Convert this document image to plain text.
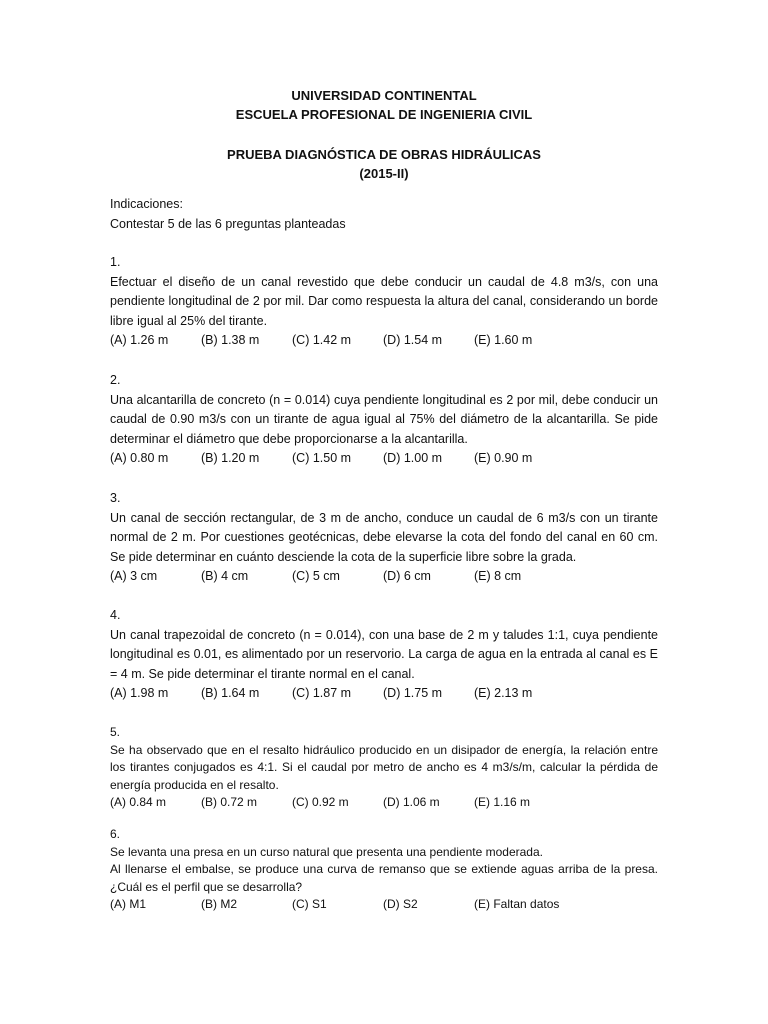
UNIVERSIDAD CONTINENTAL
ESCUELA PROFESIONAL DE INGENIERIA CIVIL
PRUEBA DIAGNÓSTICA DE OBRAS HIDRÁULICAS
(2015-II)
Indicaciones:
Contestar 5 de las 6 preguntas planteadas
1.
Efectuar el diseño de un canal revestido que debe conducir un caudal de 4.8 m3/s, con una pendiente longitudinal de 2 por mil. Dar como respuesta la altura del canal, considerando un borde libre igual al 25% del tirante.
(A) 1.26 m	(B) 1.38 m	(C) 1.42 m	(D) 1.54 m	(E) 1.60 m
2.
Una alcantarilla de concreto (n = 0.014) cuya pendiente longitudinal es 2 por mil, debe conducir un caudal de 0.90 m3/s con un tirante de agua igual al 75% del diámetro de la alcantarilla. Se pide determinar el diámetro que debe proporcionarse a la alcantarilla.
(A) 0.80 m	(B) 1.20 m	(C) 1.50 m	(D) 1.00 m	(E) 0.90 m
3.
Un canal de sección rectangular, de 3 m de ancho, conduce un caudal de 6 m3/s con un tirante normal de 2 m. Por cuestiones geotécnicas, debe elevarse la cota del fondo del canal en 60 cm. Se pide determinar en cuánto desciende la cota de la superficie libre sobre la grada.
(A) 3 cm	(B) 4 cm	(C) 5 cm	(D) 6 cm	(E) 8 cm
4.
Un canal trapezoidal de concreto (n = 0.014), con una base de 2 m y taludes 1:1, cuya pendiente longitudinal es 0.01, es alimentado por un reservorio. La carga de agua en la entrada al canal es E = 4 m. Se pide determinar el tirante normal en el canal.
(A) 1.98 m	(B) 1.64 m	(C) 1.87 m	(D) 1.75 m	(E) 2.13 m
5.
Se ha observado que en el resalto hidráulico producido en un disipador de energía, la relación entre los tirantes conjugados es 4:1. Si el caudal por metro de ancho es 4 m3/s/m, calcular la pérdida de energía producida en el resalto.
(A) 0.84 m	(B) 0.72 m	(C) 0.92 m	(D) 1.06 m	(E) 1.16 m
6.
Se levanta una presa en un curso natural que presenta una pendiente moderada.
Al llenarse el embalse, se produce una curva de remanso que se extiende aguas arriba de la presa. ¿Cuál es el perfil que se desarrolla?
(A) M1	(B) M2	(C) S1	(D) S2	(E) Faltan datos
